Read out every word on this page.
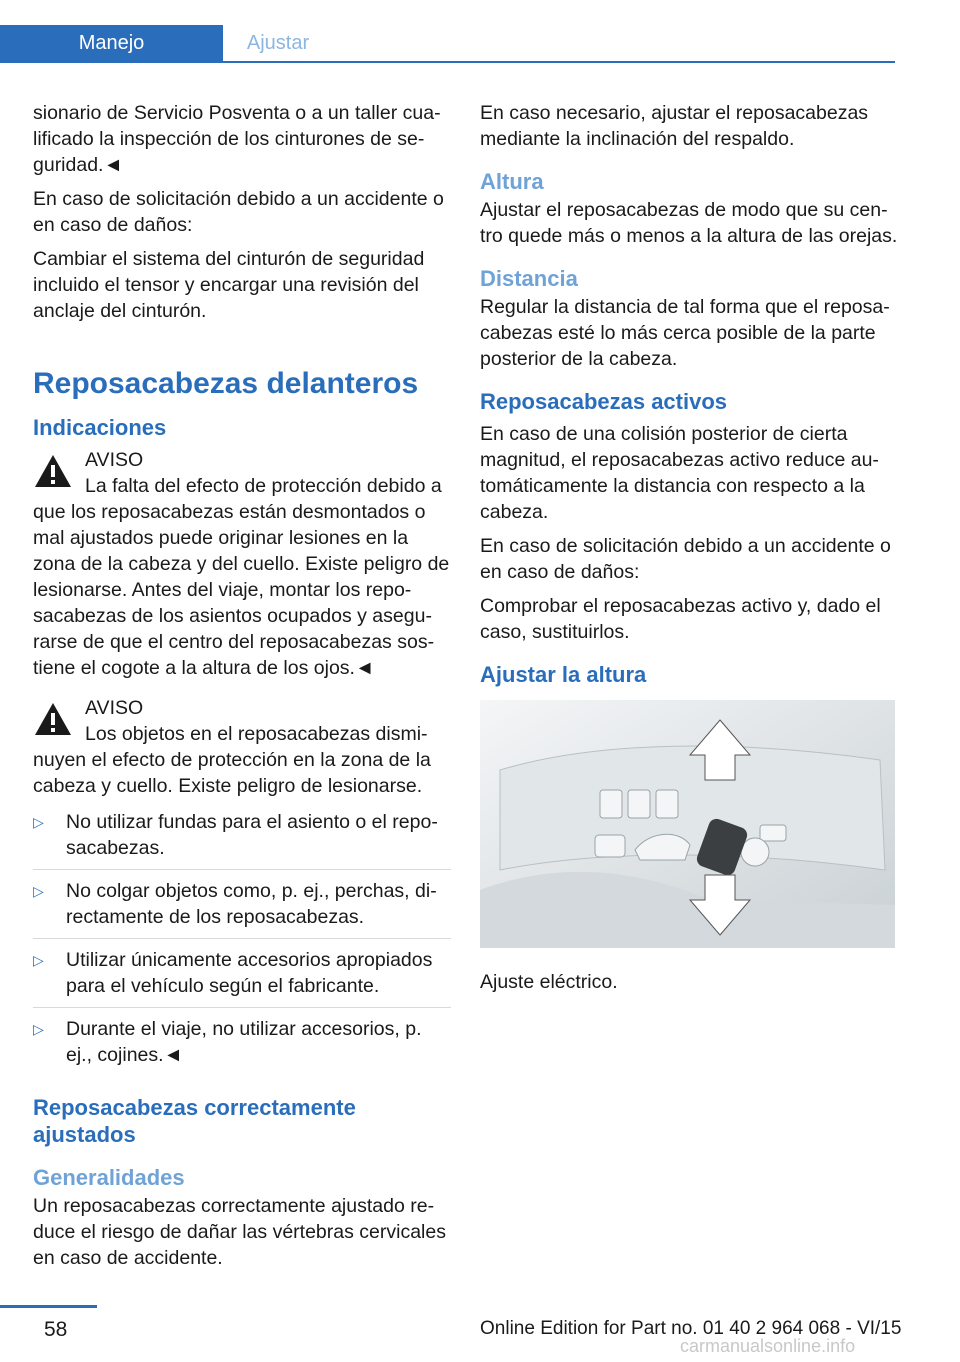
Manejo	Ajustar

sionario de Servicio Posventa o a un taller cualificado la inspección de los cinturones de seguridad.◄

En caso de solicitación debido a un accidente o en caso de daños:

Cambiar el sistema del cinturón de seguridad incluido el tensor y encargar una revisión del anclaje del cinturón.

Reposacabezas delanteros
Indicaciones
AVISO
La falta del efecto de protección debido a que los reposacabezas están desmontados o mal ajustados puede originar lesiones en la zona de la cabeza y del cuello. Existe peligro de lesionarse. Antes del viaje, montar los reposacabezas de los asientos ocupados y asegurarse de que el centro del reposacabezas sostiene el cogote a la altura de los ojos.◄
AVISO
Los objetos en el reposacabezas disminuyen el efecto de protección en la zona de la cabeza y cuello. Existe peligro de lesionarse.
▷ No utilizar fundas para el asiento o el reposacabezas.
▷ No colgar objetos como, p. ej., perchas, directamente de los reposacabezas.
▷ Utilizar únicamente accesorios apropiados para el vehículo según el fabricante.
▷ Durante el viaje, no utilizar accesorios, p. ej., cojines.◄
Reposacabezas correctamente ajustados
Generalidades

Un reposacabezas correctamente ajustado reduce el riesgo de dañar las vértebras cervicales en caso de accidente.

En caso necesario, ajustar el reposacabezas mediante la inclinación del respaldo.

Altura

Ajustar el reposacabezas de modo que su centro quede más o menos a la altura de las orejas.

Distancia

Regular la distancia de tal forma que el reposacabezas esté lo más cerca posible de la parte posterior de la cabeza.

Reposacabezas activos

En caso de una colisión posterior de cierta magnitud, el reposacabezas activo reduce automáticamente la distancia con respecto a la cabeza.

En caso de solicitación debido a un accidente o en caso de daños:

Comprobar el reposacabezas activo y, dado el caso, sustituirlos.

Ajustar la altura

Ajuste eléctrico.

58	Online Edition for Part no. 01 40 2 964 068 - VI/15
carmanualsonline.info
